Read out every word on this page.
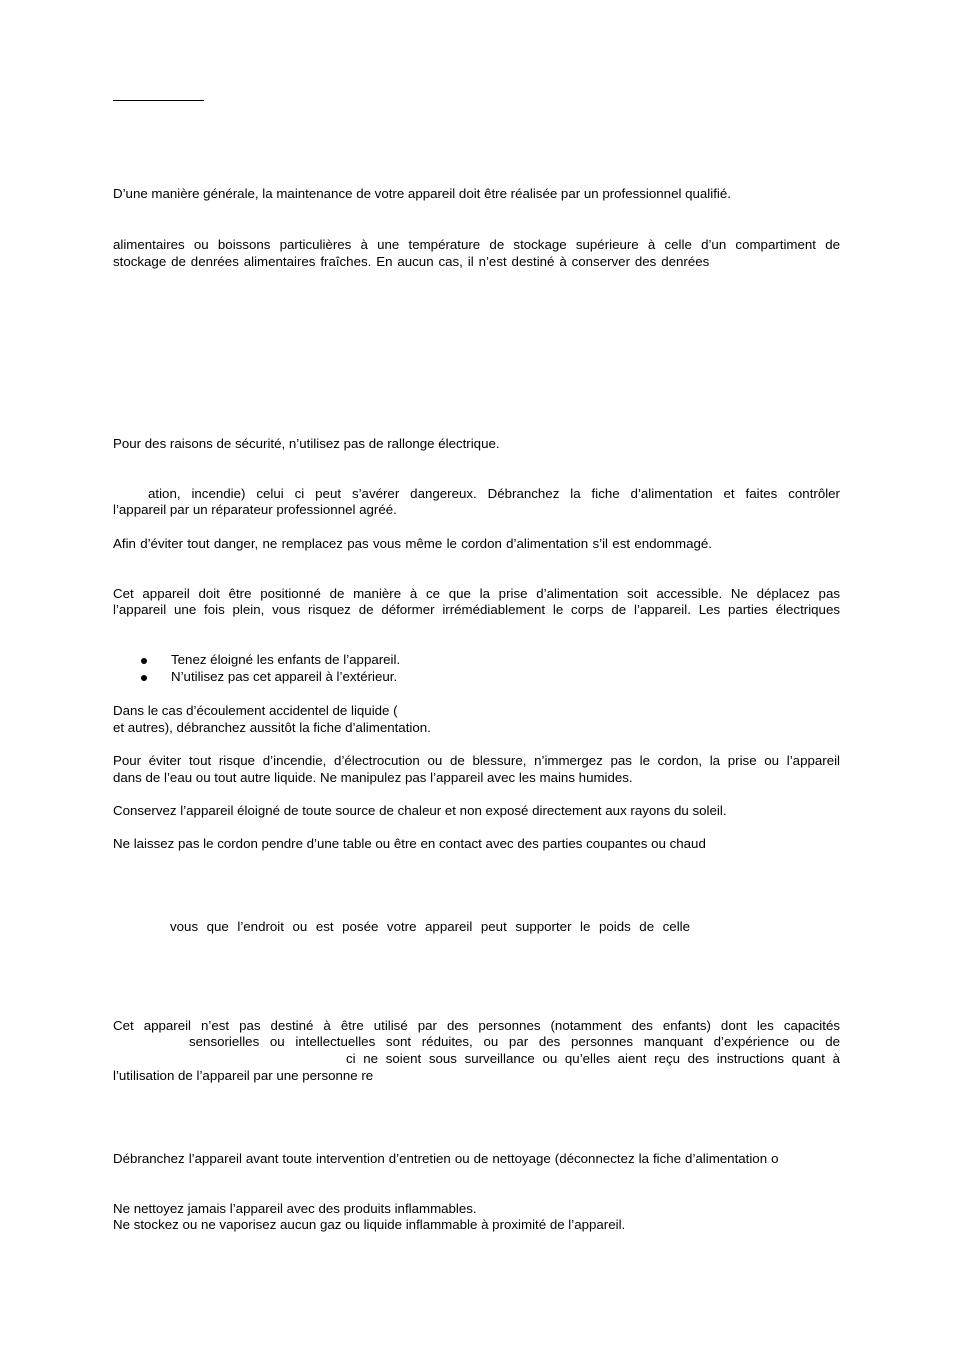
D’une manière générale, la maintenance de votre appareil doit être réalisée par un professionnel qualifié.
alimentaires ou boissons particulières à une température de stockage supérieure à celle d’un compartiment de
stockage de denrées alimentaires fraîches. En aucun cas, il n’est destiné à conserver des denrées
Pour des raisons de sécurité, n’utilisez pas de rallonge électrique.
ation, incendie) celui ci peut s’avérer dangereux. Débranchez la fiche d’alimentation et faites contrôler
l’appareil par un réparateur professionnel agréé.
Afin d’éviter tout danger, ne remplacez pas vous même le cordon d’alimentation s’il est endommagé.
Cet appareil doit être positionné de manière à ce que la prise d’alimentation soit accessible. Ne déplacez pas
l’appareil une fois plein, vous risquez de déformer irrémédiablement le corps de l’appareil. Les parties électriques
Tenez éloigné les enfants de l’appareil.
N’utilisez pas cet appareil à l’extérieur.
Dans le cas d’écoulement accidentel de liquide (
et autres), débranchez aussitôt la fiche d’alimentation.
Pour éviter tout risque d’incendie, d’électrocution ou de blessure, n’immergez pas le cordon, la prise ou l’appareil
dans de l’eau ou tout autre liquide. Ne manipulez pas l’appareil avec les mains humides.
Conservez l’appareil éloigné de toute source de chaleur et non exposé directement aux rayons du soleil.
Ne laissez pas le cordon pendre d’une table ou être en contact avec des parties coupantes ou chaud
vous que l’endroit ou est posée votre appareil peut supporter le poids de celle
Cet appareil n’est pas destiné à être utilisé par des personnes (notamment des enfants) dont les capacités
sensorielles ou intellectuelles sont réduites, ou par des personnes manquant d’expérience ou de
ci ne soient sous surveillance ou qu’elles aient reçu des instructions quant à
l’utilisation de l’appareil par une personne re
Débranchez l’appareil avant toute intervention d’entretien ou de nettoyage (déconnectez la fiche d’alimentation o
Ne nettoyez jamais l’appareil avec des produits inflammables.
Ne stockez ou ne vaporisez aucun gaz ou liquide inflammable à proximité de l’appareil.
